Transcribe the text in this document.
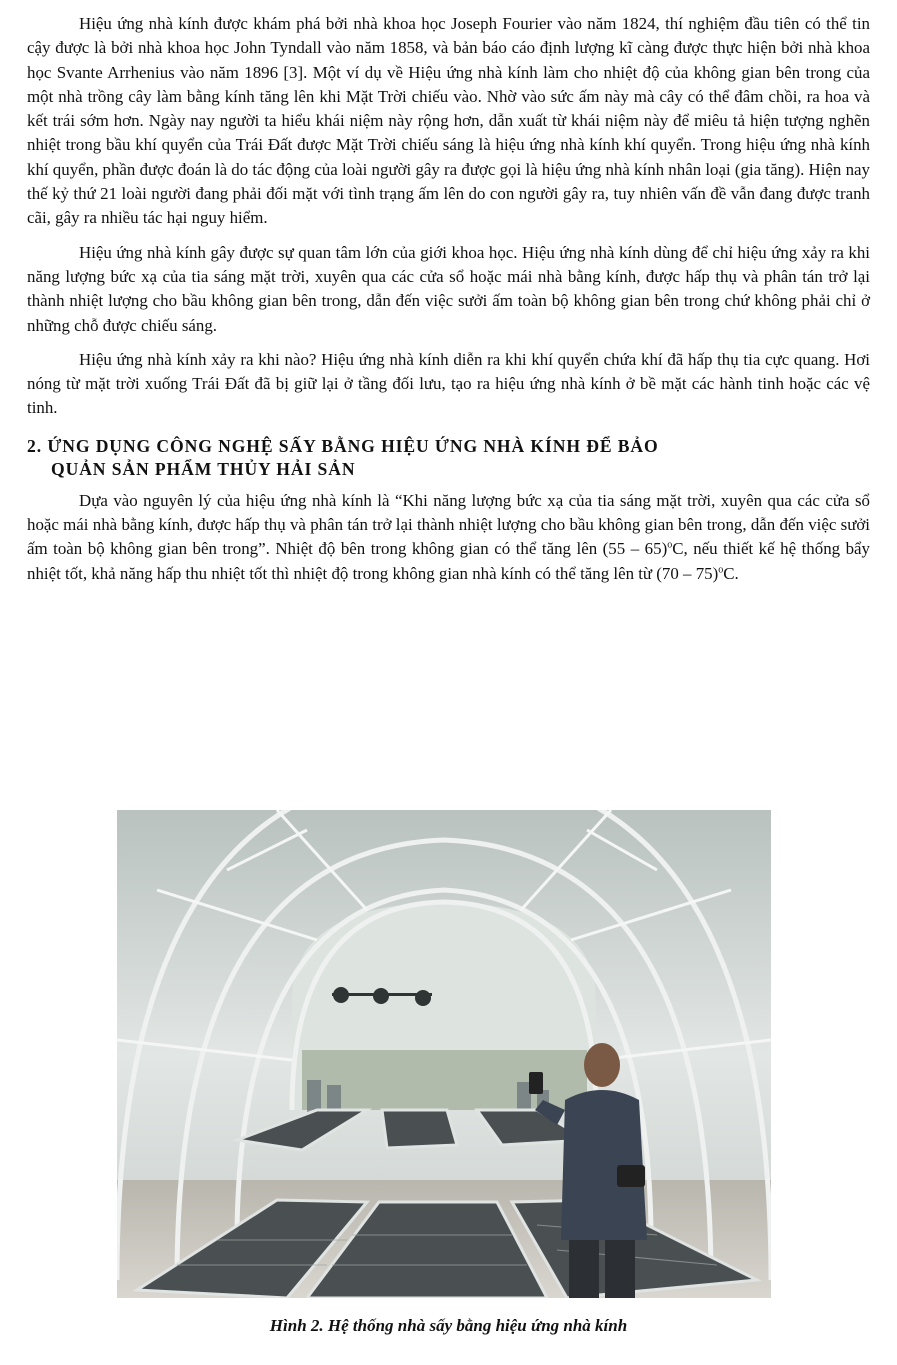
Hiệu ứng nhà kính được khám phá bởi nhà khoa học Joseph Fourier vào năm 1824, thí nghiệm đầu tiên có thể tin cậy được là bởi nhà khoa học John Tyndall vào năm 1858, và bản báo cáo định lượng kĩ càng được thực hiện bởi nhà khoa học Svante Arrhenius vào năm 1896 [3]. Một ví dụ về Hiệu ứng nhà kính làm cho nhiệt độ của không gian bên trong của một nhà trồng cây làm bằng kính tăng lên khi Mặt Trời chiếu vào. Nhờ vào sức ấm này mà cây có thể đâm chồi, ra hoa và kết trái sớm hơn. Ngày nay người ta hiểu khái niệm này rộng hơn, dẫn xuất từ khái niệm này để miêu tả hiện tượng nghẽn nhiệt trong bầu khí quyển của Trái Đất được Mặt Trời chiếu sáng là hiệu ứng nhà kính khí quyển. Trong hiệu ứng nhà kính khí quyển, phần được đoán là do tác động của loài người gây ra được gọi là hiệu ứng nhà kính nhân loại (gia tăng). Hiện nay thế kỷ thứ 21 loài người đang phải đối mặt với tình trạng ấm lên do con người gây ra, tuy nhiên vấn đề vẫn đang được tranh cãi, gây ra nhiều tác hại nguy hiểm.

Hiệu ứng nhà kính gây được sự quan tâm lớn của giới khoa học. Hiệu ứng nhà kính dùng để chỉ hiệu ứng xảy ra khi năng lượng bức xạ của tia sáng mặt trời, xuyên qua các cửa sổ hoặc mái nhà bằng kính, được hấp thụ và phân tán trở lại thành nhiệt lượng cho bầu không gian bên trong, dẫn đến việc sưởi ấm toàn bộ không gian bên trong chứ không phải chỉ ở những chỗ được chiếu sáng.

Hiệu ứng nhà kính xảy ra khi nào? Hiệu ứng nhà kính diễn ra khi khí quyển chứa khí đã hấp thụ tia cực quang. Hơi nóng từ mặt trời xuống Trái Đất đã bị giữ lại ở tầng đối lưu, tạo ra hiệu ứng nhà kính ở bề mặt các hành tinh hoặc các vệ tinh.

2. ỨNG DỤNG CÔNG NGHỆ SẤY BẰNG HIỆU ỨNG NHÀ KÍNH ĐỂ BẢO
QUẢN SẢN PHẨM THỦY HẢI SẢN

Dựa vào nguyên lý của hiệu ứng nhà kính là “Khi năng lượng bức xạ của tia sáng mặt trời, xuyên qua các cửa sổ hoặc mái nhà bằng kính, được hấp thụ và phân tán trở lại thành nhiệt lượng cho bầu không gian bên trong, dẫn đến việc sưởi ấm toàn bộ không gian bên trong”. Nhiệt độ bên trong không gian có thể tăng lên (55 – 65)$^o$C, nếu thiết kế hệ thống bẩy nhiệt tốt, khả năng hấp thu nhiệt tốt thì nhiệt độ trong không gian nhà kính có thể tăng lên từ (70 – 75)$^o$C.

Hình 2. Hệ thống nhà sấy bằng hiệu ứng nhà kính
